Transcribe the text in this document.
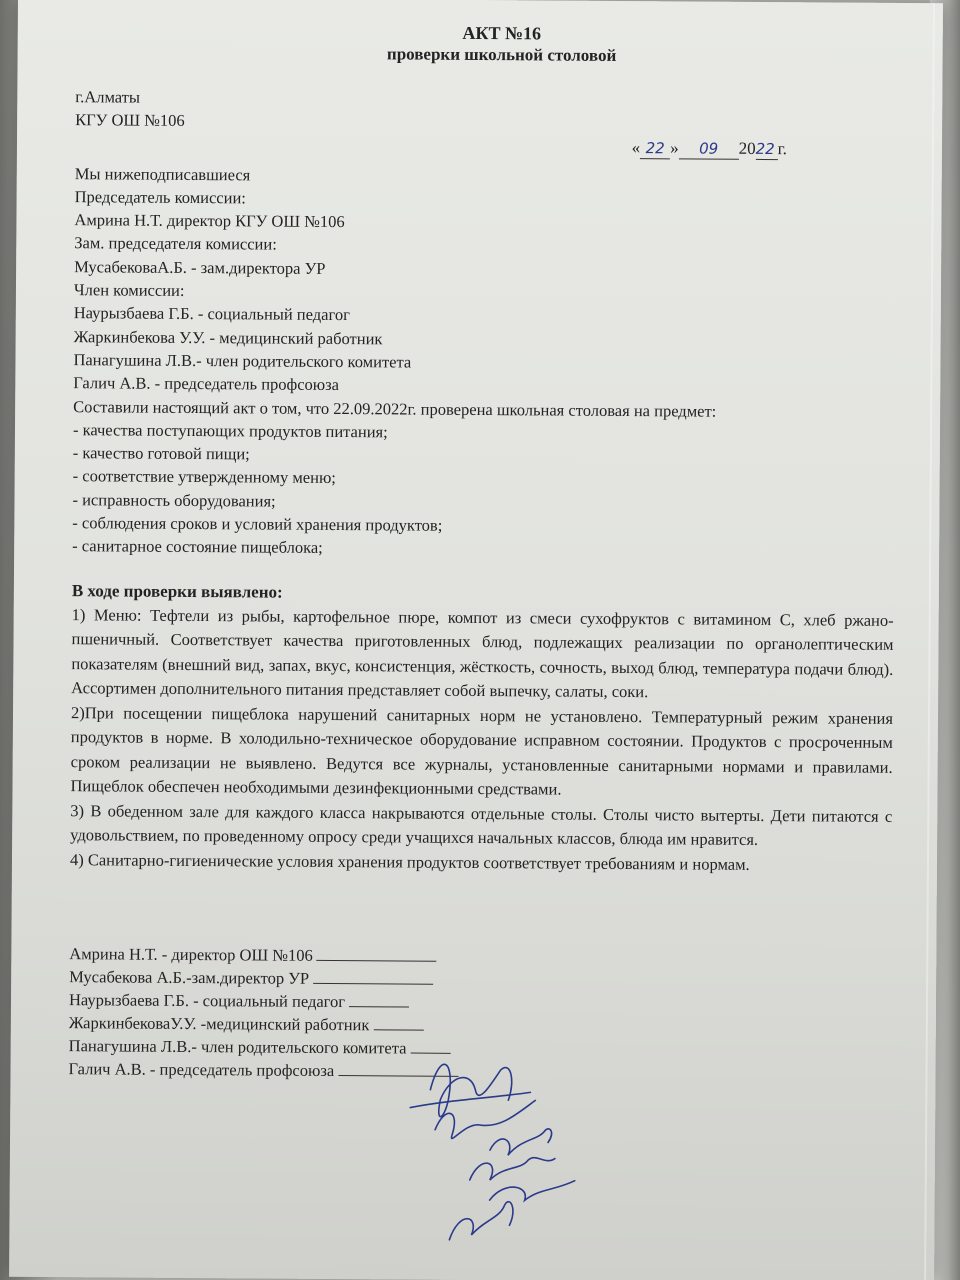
АКТ №16
проверки школьной столовой
г.Алматы
КГУ ОШ №106
« 22 » 09 2022 г.
Мы нижеподписавшиеся
Председатель комиссии:
Амрина Н.Т. директор КГУ ОШ №106
Зам. председателя комиссии:
МусабековаА.Б. - зам.директора УР
Член комиссии:
Наурызбаева Г.Б. - социальный педагог
Жаркинбекова У.У. - медицинский работник
Панагушина Л.В.- член родительского комитета
Галич А.В. - председатель профсоюза
Составили настоящий акт о том, что 22.09.2022г. проверена школьная столовая на предмет:
- качества поступающих продуктов питания;
- качество готовой пищи;
- соответствие утвержденному меню;
- исправность оборудования;
- соблюдения сроков и условий хранения продуктов;
- санитарное состояние пищеблока;
В ходе проверки выявлено:
1) Меню: Тефтели из рыбы, картофельное пюре, компот из смеси сухофруктов с витамином С, хлеб ржано-пшеничный. Соответствует качества приготовленных блюд, подлежащих реализации по органолептическим показателям (внешний вид, запах, вкус, консистенция, жёсткость, сочность, выход блюд, температура подачи блюд). Ассортимен дополнительного питания представляет собой выпечку, салаты, соки.
2)При посещении пищеблока нарушений санитарных норм не установлено. Температурный режим хранения продуктов в норме. В холодильно-техническое оборудование исправном состоянии. Продуктов с просроченным сроком реализации не выявлено. Ведутся все журналы, установленные санитарными нормами и правилами. Пищеблок обеспечен необходимыми дезинфекционными средствами.
3) В обеденном зале для каждого класса накрываются отдельные столы. Столы чисто вытерты. Дети питаются с удовольствием, по проведенному опросу среди учащихся начальных классов, блюда им нравится.
4) Санитарно-гигиенические условия хранения продуктов соответствует требованиям и нормам.
Амрина Н.Т. - директор ОШ №106
Мусабекова А.Б.-зам.директор УР
Наурызбаева Г.Б. - социальный педагог
ЖаркинбековаУ.У. -медицинский работник
Панагушина Л.В.- член родительского комитета
Галич А.В. - председатель профсоюза
